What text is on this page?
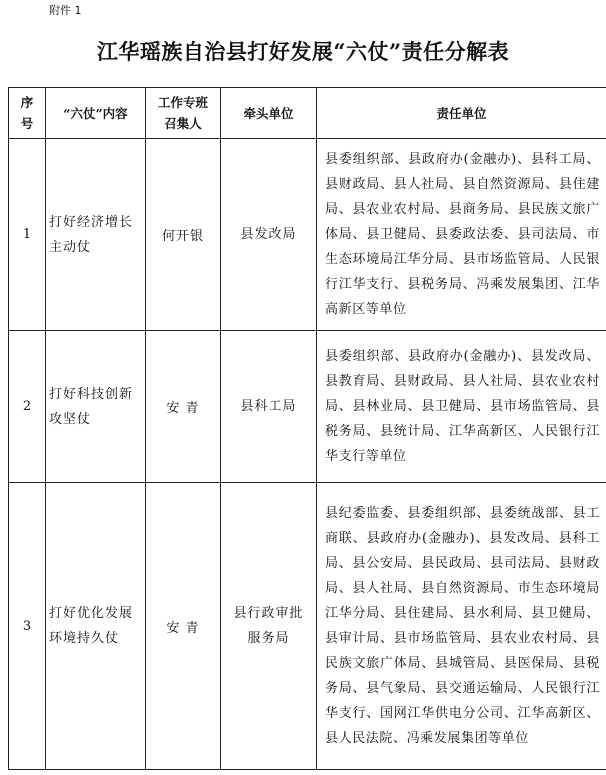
附件 1
江华瑶族自治县打好发展“六仗”责任分解表
序号	“六仗”内容	工作专班召集人	牵头单位	责任单位
1	打好经济增长主动仗	何开银	县发改局	县委组织部、县政府办(金融办)、县科工局、县财政局、县人社局、县自然资源局、县住建局、县农业农村局、县商务局、县民族文旅广体局、县卫健局、县委政法委、县司法局、市生态环境局江华分局、县市场监管局、人民银行江华支行、县税务局、冯乘发展集团、江华高新区等单位
2	打好科技创新攻坚仗	安 青	县科工局	县委组织部、县政府办(金融办)、县发改局、县教育局、县财政局、县人社局、县农业农村局、县林业局、县卫健局、县市场监管局、县税务局、县统计局、江华高新区、人民银行江华支行等单位
3	打好优化发展环境持久仗	安 青	县行政审批服务局	县纪委监委、县委组织部、县委统战部、县工商联、县政府办(金融办)、县发改局、县科工局、县公安局、县民政局、县司法局、县财政局、县人社局、县自然资源局、市生态环境局江华分局、县住建局、县水利局、县卫健局、县审计局、县市场监管局、县农业农村局、县民族文旅广体局、县城管局、县医保局、县税务局、县气象局、县交通运输局、人民银行江华支行、国网江华供电分公司、江华高新区、县人民法院、冯乘发展集团等单位
